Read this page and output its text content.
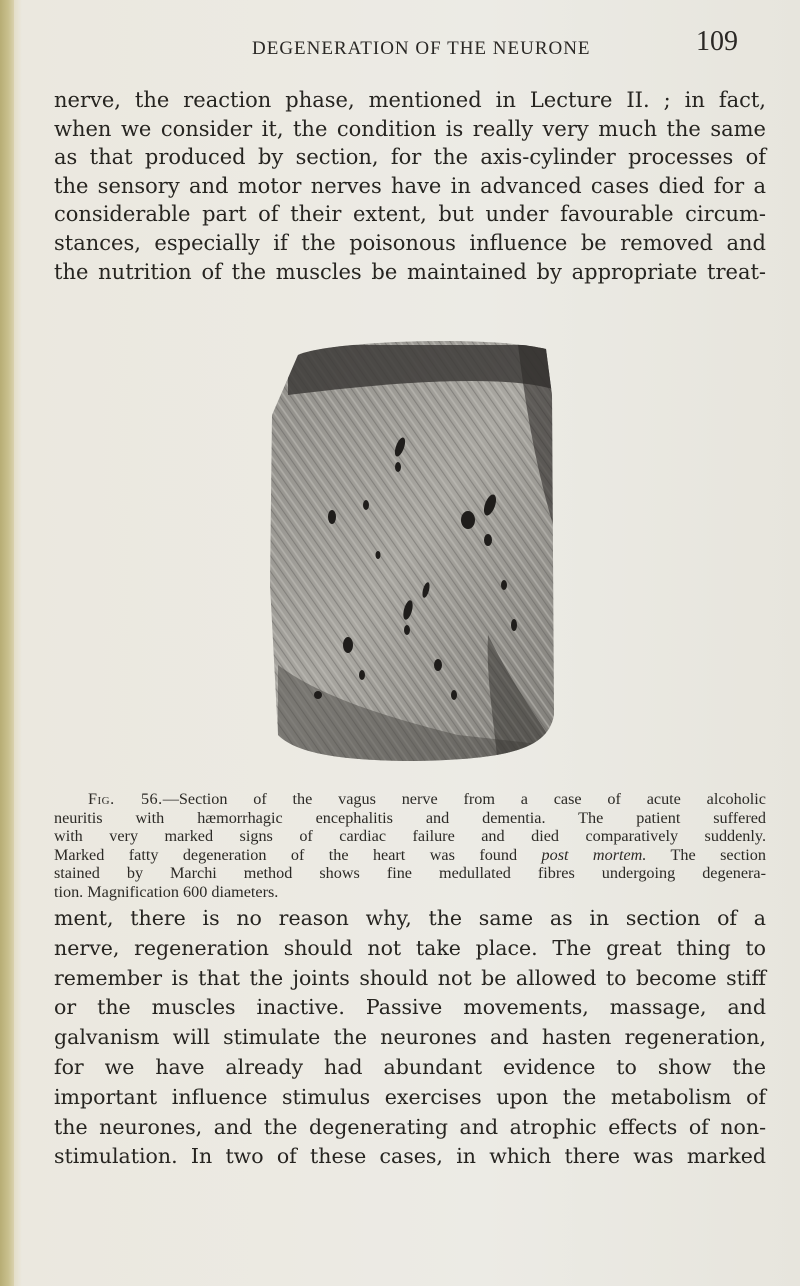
DEGENERATION OF THE NEURONE	109

nerve, the reaction phase, mentioned in Lecture II. ; in fact,
when we consider it, the condition is really very much the same
as that produced by section, for the axis-cylinder processes of
the sensory and motor nerves have in advanced cases died for a
considerable part of their extent, but under favourable circum-
stances, especially if the poisonous influence be removed and
the nutrition of the muscles be maintained by appropriate treat-

Fig. 56.—Section of the vagus nerve from a case of acute alcoholic
neuritis with hæmorrhagic encephalitis and dementia. The patient suffered
with very marked signs of cardiac failure and died comparatively suddenly.
Marked fatty degeneration of the heart was found post mortem. The section
stained by Marchi method shows fine medullated fibres undergoing degenera-
tion. Magnification 600 diameters.

ment, there is no reason why, the same as in section of a
nerve, regeneration should not take place. The great thing to
remember is that the joints should not be allowed to become stiff
or the muscles inactive. Passive movements, massage, and
galvanism will stimulate the neurones and hasten regeneration,
for we have already had abundant evidence to show the
important influence stimulus exercises upon the metabolism of
the neurones, and the degenerating and atrophic effects of non-
stimulation. In two of these cases, in which there was marked
